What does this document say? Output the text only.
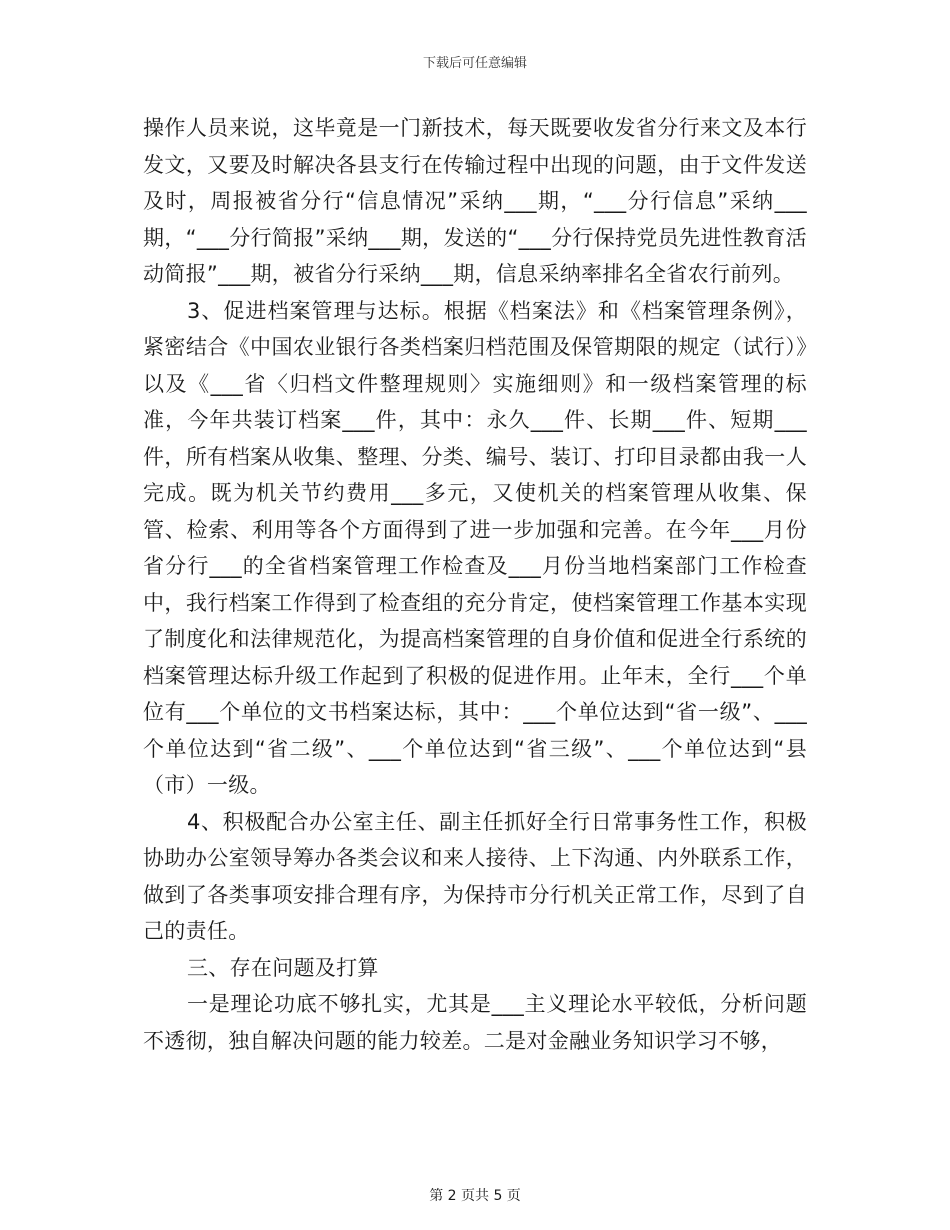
下载后可任意编辑

操作人员来说，这毕竟是一门新技术，每天既要收发省分行来文及本行发文，又要及时解决各县支行在传输过程中出现的问题，由于文件发送及时，周报被省分行“信息情况”采纳___期，“___分行信息”采纳___期，“___分行简报”采纳___期，发送的“___分行保持党员先进性教育活动简报”___期，被省分行采纳___期，信息采纳率排名全省农行前列。

3、促进档案管理与达标。根据《档案法》和《档案管理条例》，紧密结合《中国农业银行各类档案归档范围及保管期限的规定（试行）》以及《___省〈归档文件整理规则〉实施细则》和一级档案管理的标准，今年共装订档案___件，其中：永久___件、长期___件、短期___件，所有档案从收集、整理、分类、编号、装订、打印目录都由我一人完成。既为机关节约费用___多元，又使机关的档案管理从收集、保管、检索、利用等各个方面得到了进一步加强和完善。在今年___月份省分行___的全省档案管理工作检查及___月份当地档案部门工作检查中，我行档案工作得到了检查组的充分肯定，使档案管理工作基本实现了制度化和法律规范化，为提高档案管理的自身价值和促进全行系统的档案管理达标升级工作起到了积极的促进作用。止年末，全行___个单位有___个单位的文书档案达标，其中：___个单位达到“省一级”、___个单位达到“省二级”、___个单位达到“省三级”、___个单位达到“县（市）一级。

4、积极配合办公室主任、副主任抓好全行日常事务性工作，积极协助办公室领导筹办各类会议和来人接待、上下沟通、内外联系工作，做到了各类事项安排合理有序，为保持市分行机关正常工作，尽到了自己的责任。

三、存在问题及打算

一是理论功底不够扎实，尤其是___主义理论水平较低，分析问题不透彻，独自解决问题的能力较差。二是对金融业务知识学习不够，

第 2 页共 5 页
